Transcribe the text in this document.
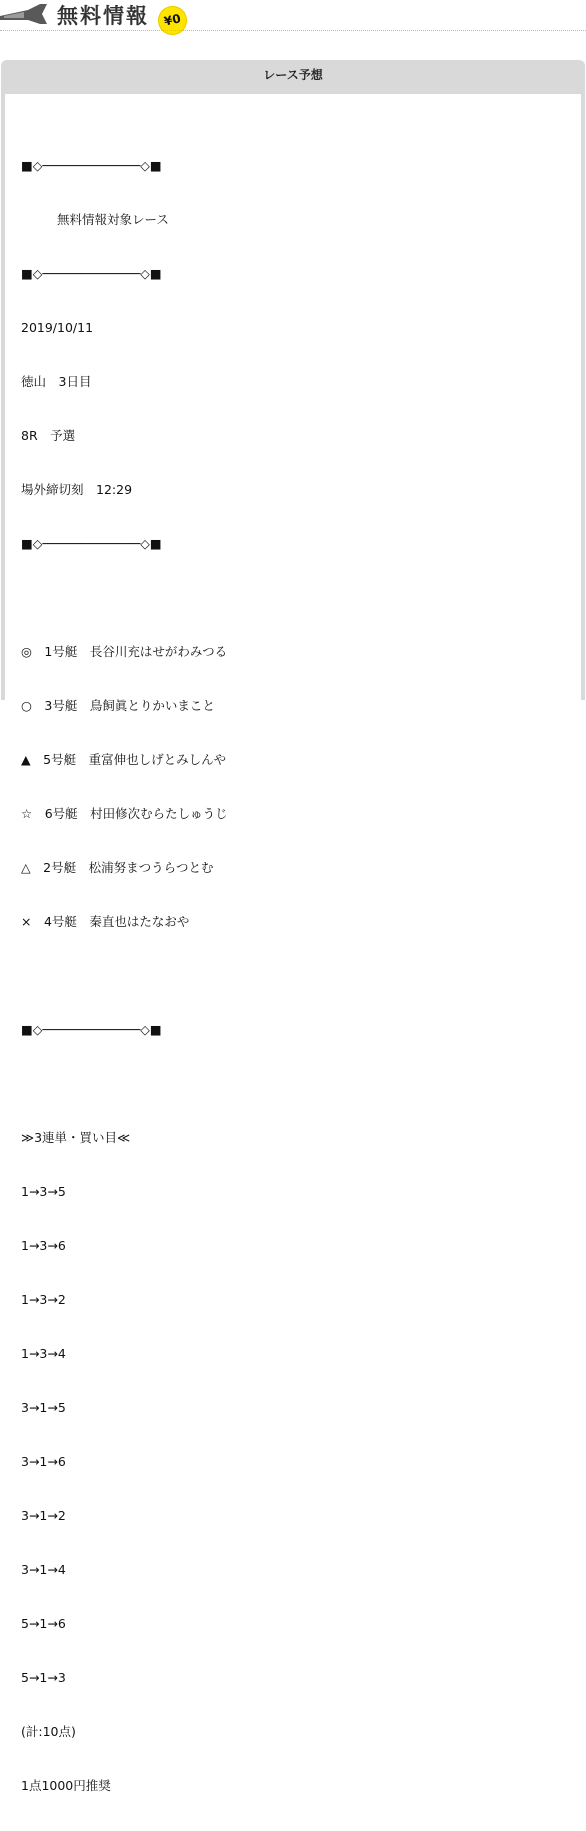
無料情報	¥0
レース予想

■◇─────────────◇■

無料情報対象レース

■◇─────────────◇■

2019/10/11

徳山　3日目

8R　予選

場外締切刻　12:29

■◇─────────────◇■

◎　1号艇　長谷川充はせがわみつる

○　3号艇　鳥飼眞とりかいまこと

▲　5号艇　重富伸也しげとみしんや

☆　6号艇　村田修次むらたしゅうじ

△　2号艇　松浦努まつうらつとむ

×　4号艇　秦直也はたなおや

■◇─────────────◇■

≫3連単・買い目≪

1→3→5

1→3→6

1→3→2

1→3→4

3→1→5

3→1→6

3→1→2

3→1→4

5→1→6

5→1→3

(計:10点)

1点1000円推奨
